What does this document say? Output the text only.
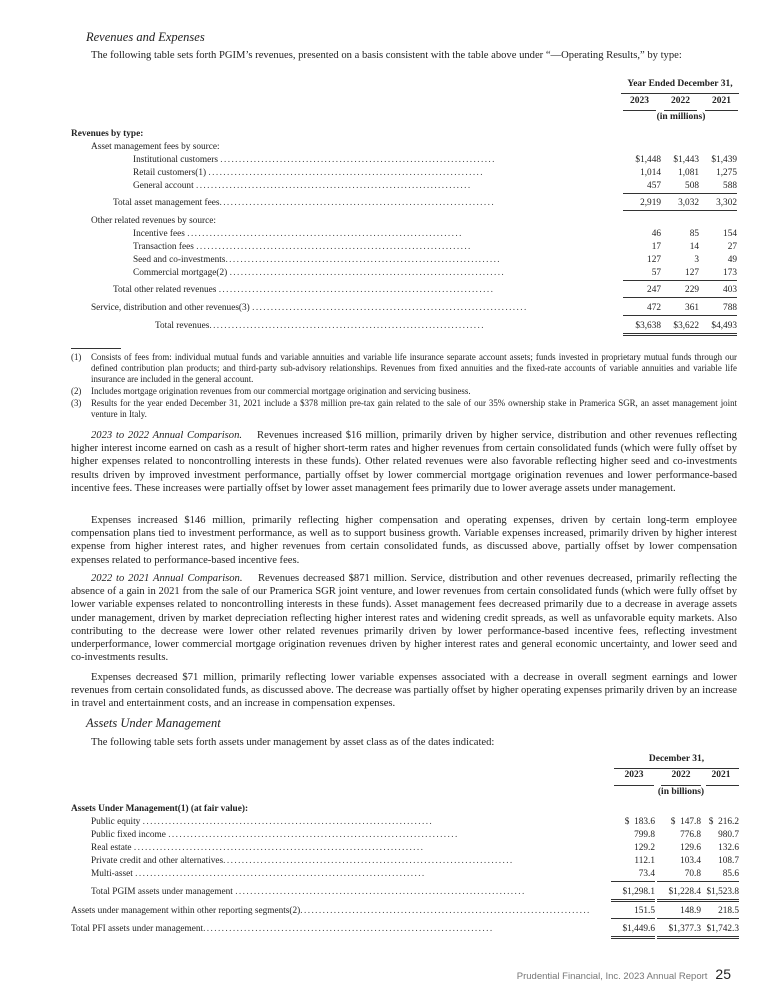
Revenues and Expenses
The following table sets forth PGIM’s revenues, presented on a basis consistent with the table above under “—Operating Results,” by type:
Year Ended December 31,
2023	2022	2021
(in millions)
Revenues by type:
Asset management fees by source:
Institutional customers ..........................................................................	$1,448	$1,443	$1,439
Retail customers(1) ..........................................................................	1,014	1,081	1,275
General account ..........................................................................	457	508	588
Total asset management fees..........................................................................	2,919	3,032	3,302
Other related revenues by source:
Incentive fees ..........................................................................	46	85	154
Transaction fees ..........................................................................	17	14	27
Seed and co-investments..........................................................................	127	3	49
Commercial mortgage(2) ..........................................................................	57	127	173
Total other related revenues ..........................................................................	247	229	403
Service, distribution and other revenues(3) ..........................................................................	472	361	788
Total revenues..........................................................................	$3,638	$3,622	$4,493
(1) Consists of fees from: individual mutual funds and variable annuities and variable life insurance separate account assets; funds invested in proprietary mutual funds through our defined contribution plan products; and third-party sub-advisory relationships. Revenues from fixed annuities and the fixed-rate accounts of variable annuities and variable life insurance are included in the general account.
(2) Includes mortgage origination revenues from our commercial mortgage origination and servicing business.
(3) Results for the year ended December 31, 2021 include a $378 million pre-tax gain related to the sale of our 35% ownership stake in Pramerica SGR, an asset management joint venture in Italy.
2023 to 2022 Annual Comparison. Revenues increased $16 million, primarily driven by higher service, distribution and other revenues reflecting higher interest income earned on cash as a result of higher short-term rates and higher revenues from certain consolidated funds (which were fully offset by higher expenses related to noncontrolling interests in these funds). Other related revenues were also favorable reflecting higher seed and co-investments results driven by improved investment performance, partially offset by lower commercial mortgage origination revenues and lower performance-based incentive fees. These increases were partially offset by lower asset management fees primarily due to lower average assets under management.
Expenses increased $146 million, primarily reflecting higher compensation and operating expenses, driven by certain long-term employee compensation plans tied to investment performance, as well as to support business growth. Variable expenses increased, primarily driven by higher interest expense from higher interest rates, and higher revenues from certain consolidated funds, as discussed above, partially offset by lower compensation expenses related to performance-based incentive fees.
2022 to 2021 Annual Comparison. Revenues decreased $871 million. Service, distribution and other revenues decreased, primarily reflecting the absence of a gain in 2021 from the sale of our Pramerica SGR joint venture, and lower revenues from certain consolidated funds (which were fully offset by lower variable expenses related to noncontrolling interests in these funds). Asset management fees decreased primarily due to a decrease in average assets under management, driven by market depreciation reflecting higher interest rates and widening credit spreads, as well as unfavorable equity markets. Also contributing to the decrease were lower other related revenues primarily driven by lower performance-based incentive fees, reflecting investment underperformance, lower commercial mortgage origination revenues driven by higher interest rates and general economic uncertainty, and lower seed and co-investments results.
Expenses decreased $71 million, primarily reflecting lower variable expenses associated with a decrease in overall segment earnings and lower revenues from certain consolidated funds, as discussed above. The decrease was partially offset by higher operating expenses primarily driven by an increase in travel and entertainment costs, and an increase in compensation expenses.
Assets Under Management
The following table sets forth assets under management by asset class as of the dates indicated:
December 31,
2023	2022	2021
(in billions)
Assets Under Management(1) (at fair value):
Public equity ..............................................................................	$  183.6	$  147.8 $  216.2
Public fixed income ..............................................................................	799.8	776.8	980.7
Real estate ..............................................................................	129.2	129.6	132.6
Private credit and other alternatives..............................................................................	112.1	103.4	108.7
Multi-asset ..............................................................................	73.4	70.8	85.6
Total PGIM assets under management ..............................................................................	$1,298.1	$1,228.4 $1,523.8
Assets under management within other reporting segments(2)..............................................................................	151.5	148.9	218.5
Total PFI assets under management..............................................................................	$1,449.6	$1,377.3 $1,742.3
Prudential Financial, Inc. 2023 Annual Report 25
